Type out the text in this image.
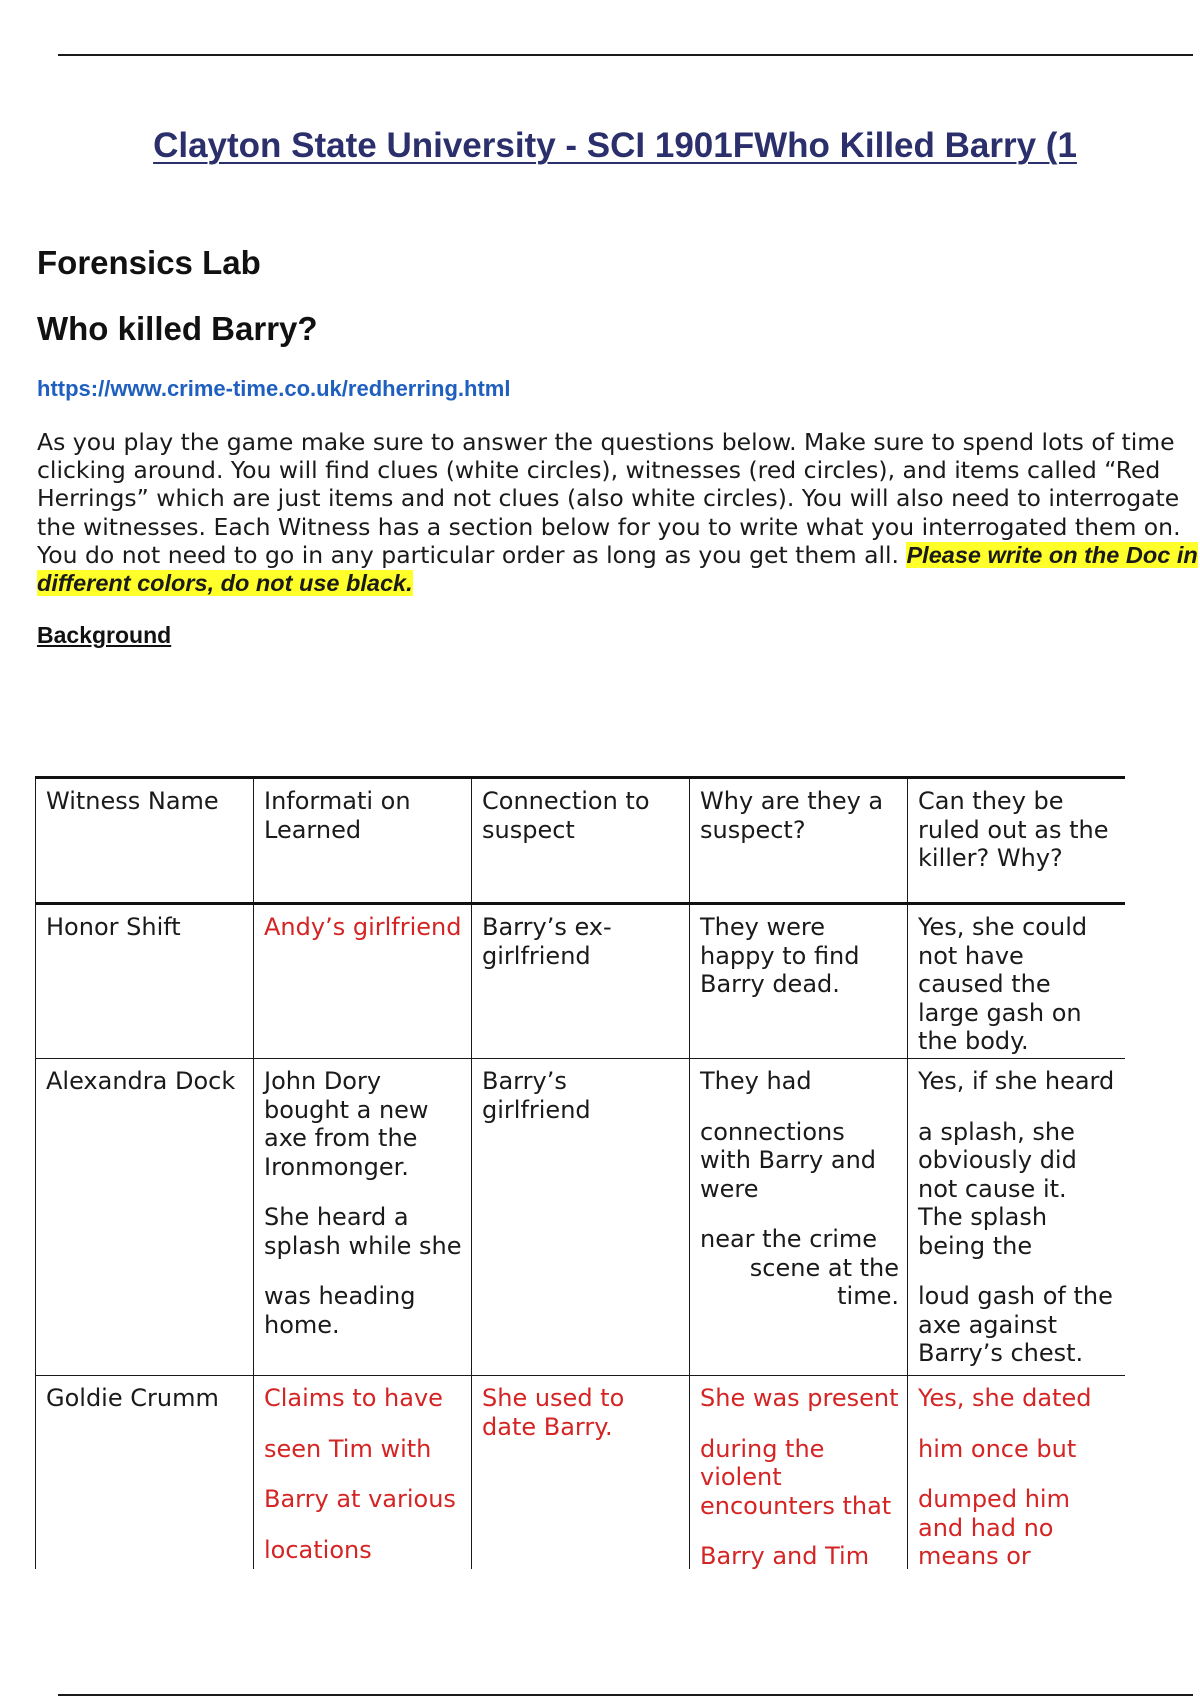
Clayton State University - SCI 1901FWho Killed Barry (1
Forensics Lab
Who killed Barry?
https://www.crime-time.co.uk/redherring.html

As you play the game make sure to answer the questions below. Make sure to spend lots of time clicking around. You will find clues (white circles), witnesses (red circles), and items called “Red Herrings” which are just items and not clues (also white circles). You will also need to interrogate the witnesses. Each Witness has a section below for you to write what you interrogated them on. You do not need to go in any particular order as long as you get them all. Please write on the Doc in different colors, do not use black.

Background
Witness Name	Informati on Learned	Connection to suspect	Why are they a suspect?	Can they be ruled out as the killer? Why?
Honor Shift	Andy’s girlfriend	Barry’s ex- girlfriend	They were happy to find Barry dead.	Yes, she could not have caused the large gash on the body.
Alexandra Dock	John Dory bought a new axe from the Ironmonger.
She heard a splash while she
was heading home.	Barry’s girlfriend	They had
connections with Barry and were
near the crime
scene at the time.	Yes, if she heard
a splash, she obviously did not cause it. The splash being the
loud gash of the axe against Barry’s chest.
Goldie Crumm	Claims to have
seen Tim with
Barry at various
locations	She used to date Barry.	She was present
during the violent encounters that
Barry and Tim	Yes, she dated
him once but
dumped him and had no means or
